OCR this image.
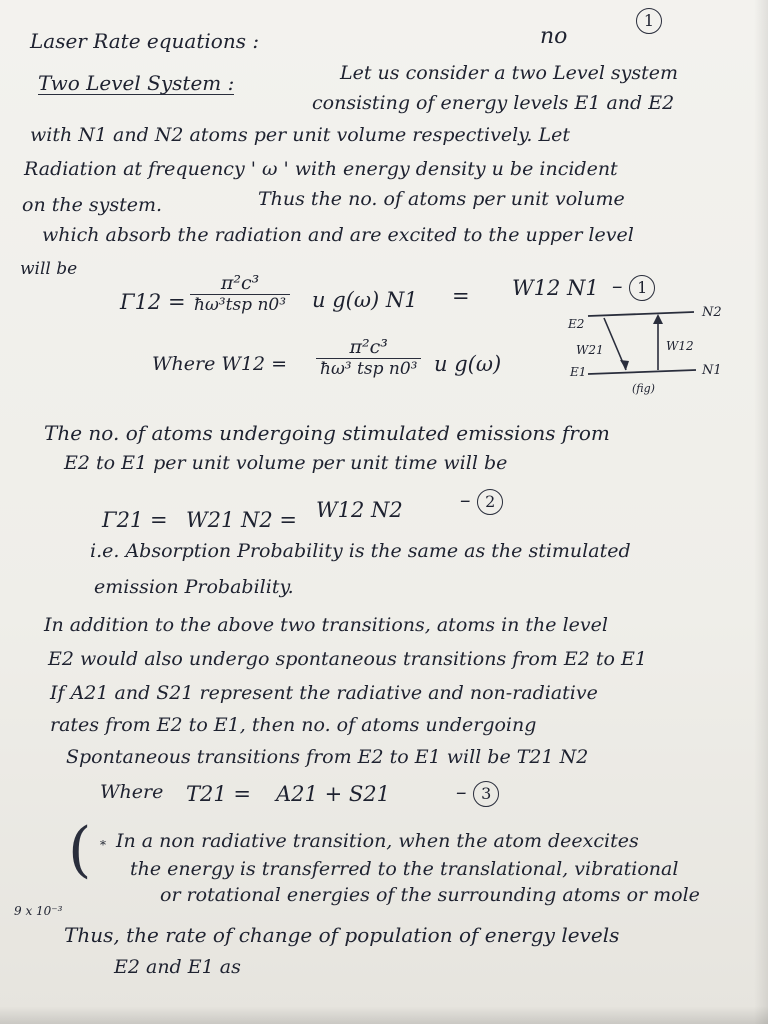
Laser Rate equations :	no
1
Two Level System :	Let us consider a two Level system
consisting of energy levels E1 and E2
with N1 and N2 atoms per unit volume respectively. Let
Radiation at frequency ' ω ' with energy density u be incident
on the system.	Thus the no. of atoms per unit volume
which absorb the radiation and are excited to the upper level
will be
Γ12 =
π²c³
ħω³tsp n0³ u g(ω) N1 = W12 N1 – 1
Where W12 =
π²c³
ħω³ tsp n0³ u g(ω)
E2
E1
N2
N1
W21	W12
(fig)
The no. of atoms undergoing stimulated emissions from
E2 to E1 per unit volume per unit time will be
Γ21 = W21 N2 = W12 N2	– 2
i.e. Absorption Probability is the same as the stimulated
emission Probability.
In addition to the above two transitions, atoms in the level
E2 would also undergo spontaneous transitions from E2 to E1
If A21 and S21 represent the radiative and non-radiative
rates from E2 to E1, then no. of atoms undergoing
Spontaneous transitions from E2 to E1 will be T21 N2
Where T21 = A21 + S21	– 3
( * In a non radiative transition, when the atom deexcites
the energy is transferred to the translational, vibrational
or rotational energies of the surrounding atoms or mole
9 x 10⁻³
Thus, the rate of change of population of energy levels
E2 and E1 as
